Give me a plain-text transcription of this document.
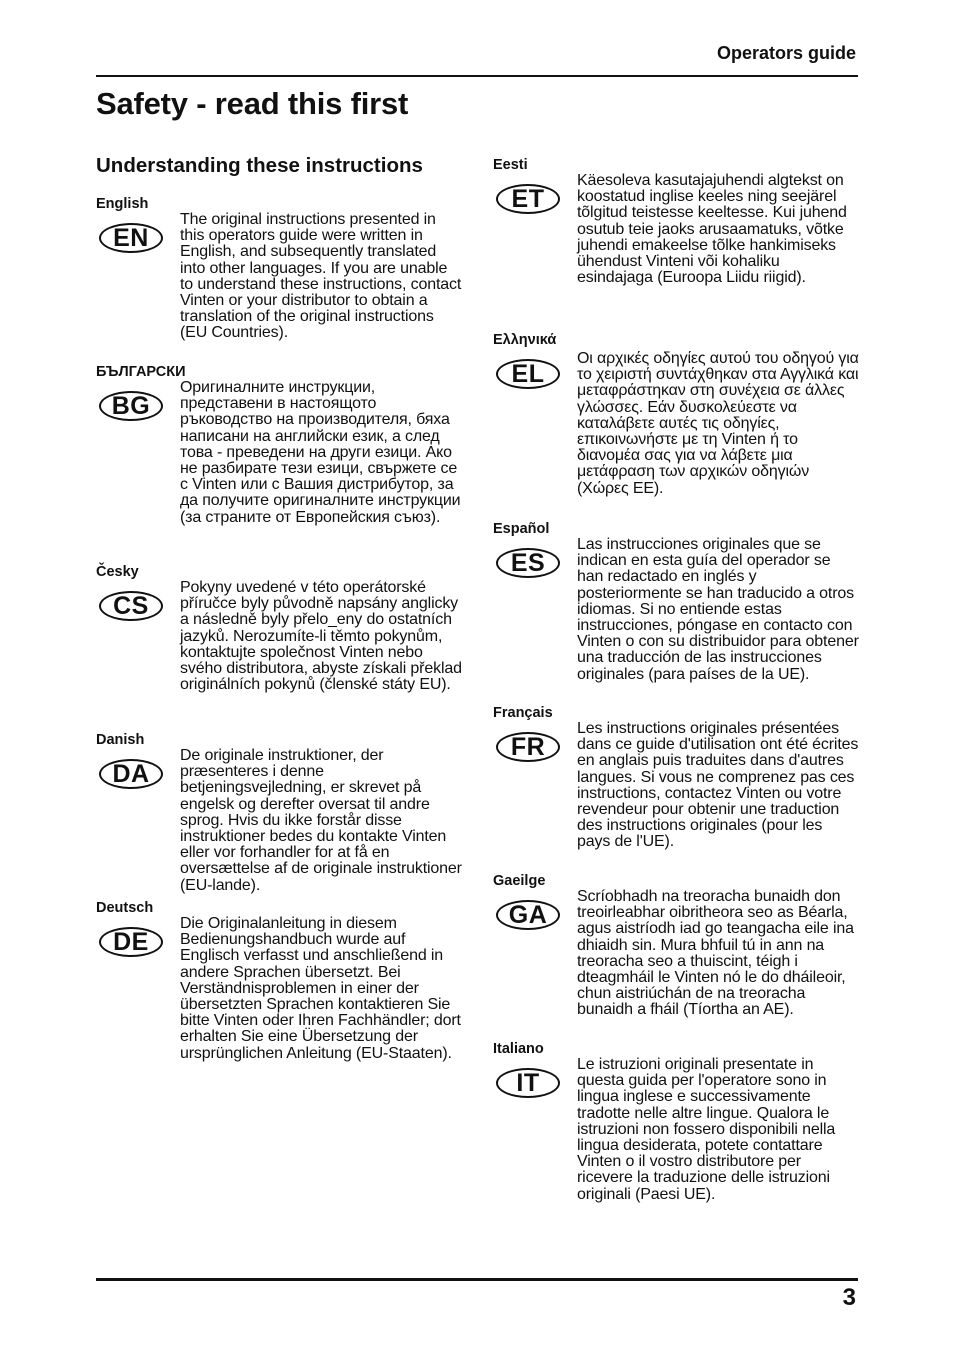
Operators guide
Safety - read this first
Understanding these instructions
English
EN

The original instructions presented in this operators guide were written in English, and subsequently translated into other languages. If you are unable to understand these instructions, contact Vinten or your distributor to obtain a translation of the original instructions (EU Countries).

БЪЛГАРСКИ
BG

Оригиналните инструкции, представени в настоящото ръководство на производителя, бяха написани на английски език, а след това - преведени на други езици. Ако не разбирате тези езици, свържете се с Vinten или с Вашия дистрибутор, за да получите оригиналните инструкции (за страните от Европейския съюз).

Česky
CS

Pokyny uvedené v této operátorské příručce byly původně napsány anglicky a následně byly přelo_eny do ostatních jazyků. Nerozumíte-li těmto pokynům, kontaktujte společnost Vinten nebo svého distributora, abyste získali překlad originálních pokynů (členské státy EU).

Danish
DA

De originale instruktioner, der præsenteres i denne betjeningsvejledning, er skrevet på engelsk og derefter oversat til andre sprog. Hvis du ikke forstår disse instruktioner bedes du kontakte Vinten eller vor forhandler for at få en oversættelse af de originale instruktioner (EU-lande).

Deutsch
DE

Die Originalanleitung in diesem Bedienungshandbuch wurde auf Englisch verfasst und anschließend in andere Sprachen übersetzt. Bei Verständnisproblemen in einer der übersetzten Sprachen kontaktieren Sie bitte Vinten oder Ihren Fachhändler; dort erhalten Sie eine Übersetzung der ursprünglichen Anleitung (EU-Staaten).

Eesti
ET

Käesoleva kasutajajuhendi algtekst on koostatud inglise keeles ning seejärel tõlgitud teistesse keeltesse. Kui juhend osutub teie jaoks arusaamatuks, võtke juhendi emakeelse tõlke hankimiseks ühendust Vinteni või kohaliku esindajaga (Euroopa Liidu riigid).

Ελληνικά
EL

Οι αρχικές οδηγίες αυτού του οδηγού για το χειριστή συντάχθηκαν στα Αγγλικά και μεταφράστηκαν στη συνέχεια σε άλλες γλώσσες. Εάν δυσκολεύεστε να καταλάβετε αυτές τις οδηγίες, επικοινωνήστε με τη Vinten ή το διανομέα σας για να λάβετε μια μετάφραση των αρχικών οδηγιών (Χώρες ΕΕ).

Español
ES

Las instrucciones originales que se indican en esta guía del operador se han redactado en inglés y posteriormente se han traducido a otros idiomas. Si no entiende estas instrucciones, póngase en contacto con Vinten o con su distribuidor para obtener una traducción de las instrucciones originales (para países de la UE).

Français
FR

Les instructions originales présentées dans ce guide d'utilisation ont été écrites en anglais puis traduites dans d'autres langues. Si vous ne comprenez pas ces instructions, contactez Vinten ou votre revendeur pour obtenir une traduction des instructions originales (pour les pays de l'UE).

Gaeilge
GA

Scríobhadh na treoracha bunaidh don treoirleabhar oibritheora seo as Béarla, agus aistríodh iad go teangacha eile ina dhiaidh sin. Mura bhfuil tú in ann na treoracha seo a thuiscint, téigh i dteagmháil le Vinten nó le do dháileoir, chun aistriúchán de na treoracha bunaidh a fháil (Tíortha an AE).

Italiano
IT

Le istruzioni originali presentate in questa guida per l'operatore sono in lingua inglese e successivamente tradotte nelle altre lingue. Qualora le istruzioni non fossero disponibili nella lingua desiderata, potete contattare Vinten o il vostro distributore per ricevere la traduzione delle istruzioni originali (Paesi UE).

3
